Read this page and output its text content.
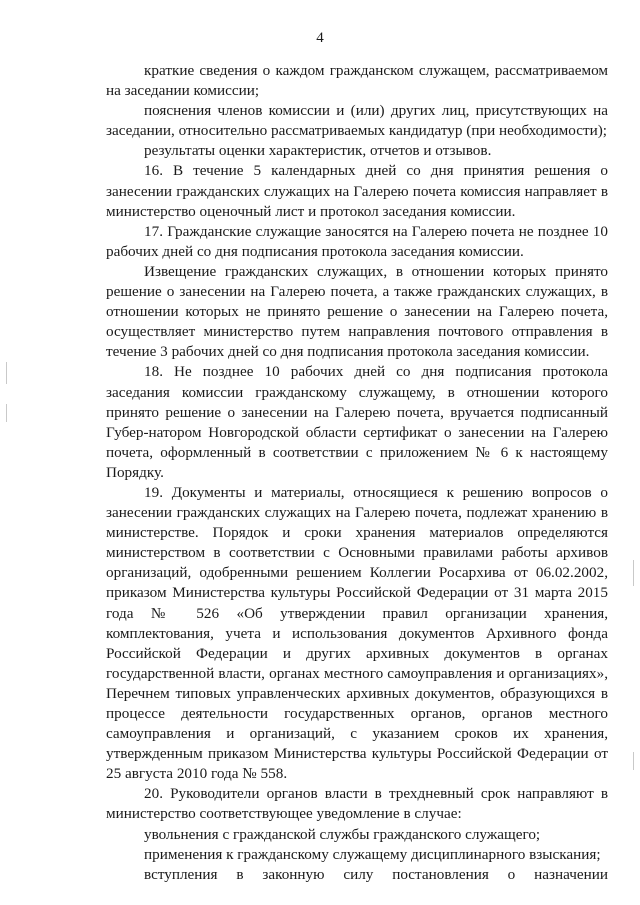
4

краткие сведения о каждом гражданском служащем, рассматриваемом на заседании комиссии;

пояснения членов комиссии и (или) других лиц, присутствующих на заседании, относительно рассматриваемых кандидатур (при необходимости);

результаты оценки характеристик, отчетов и отзывов.

16. В течение 5 календарных дней со дня принятия решения о занесении гражданских служащих на Галерею почета комиссия направляет в министерство оценочный лист и протокол заседания комиссии.

17. Гражданские служащие заносятся на Галерею почета не позднее 10 рабочих дней со дня подписания протокола заседания комиссии.

Извещение гражданских служащих, в отношении которых принято решение о занесении на Галерею почета, а также гражданских служащих, в отношении которых не принято решение о занесении на Галерею почета, осуществляет министерство путем направления почтового отправления в течение 3 рабочих дней со дня подписания протокола заседания комиссии.

18. Не позднее 10 рабочих дней со дня подписания протокола заседания комиссии гражданскому служащему, в отношении которого принято решение о занесении на Галерею почета, вручается подписанный Губер-натором Новгородской области сертификат о занесении на Галерею почета, оформленный в соответствии с приложением № 6 к настоящему Порядку.

19. Документы и материалы, относящиеся к решению вопросов о занесении гражданских служащих на Галерею почета, подлежат хранению в министерстве. Порядок и сроки хранения материалов определяются министерством в соответствии с Основными правилами работы архивов организаций, одобренными решением Коллегии Росархива от 06.02.2002, приказом Министерства культуры Российской Федерации от 31 марта 2015 года № 526 «Об утверждении правил организации хранения, комплектования, учета и использования документов Архивного фонда Российской Федерации и других архивных документов в органах государственной власти, органах местного самоуправления и организациях», Перечнем типовых управленческих архивных документов, образующихся в процессе деятельности государственных органов, органов местного самоуправления и организаций, с указанием сроков их хранения, утвержденным приказом Министерства культуры Российской Федерации от 25 августа 2010 года № 558.

20. Руководители органов власти в трехдневный срок направляют в министерство соответствующее уведомление в случае:

увольнения с гражданской службы гражданского служащего;

применения к гражданскому служащему дисциплинарного взыскания;

вступления в законную силу постановления о назначении
